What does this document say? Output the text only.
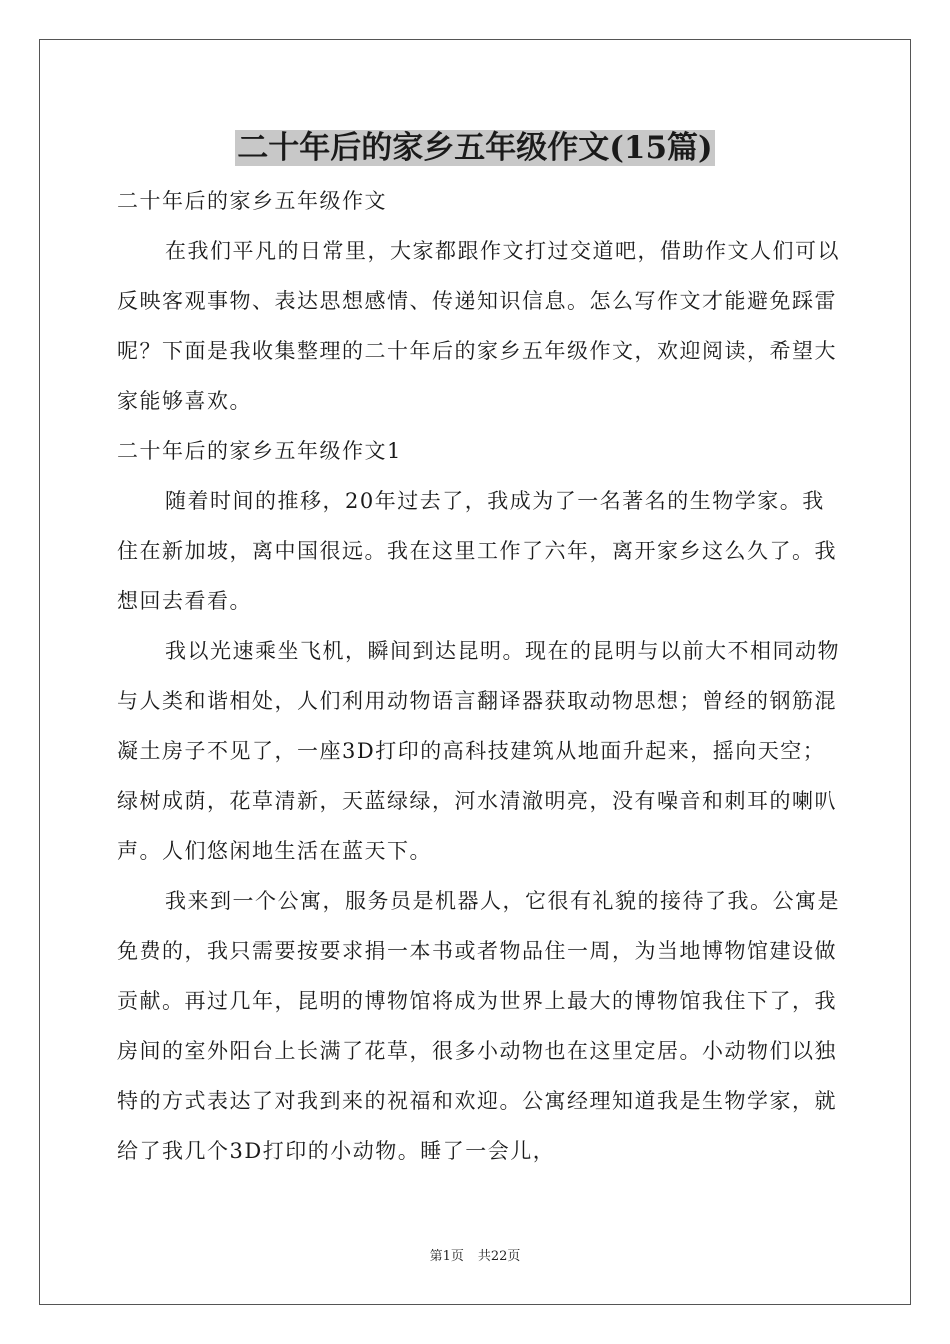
二十年后的家乡五年级作文(15篇)

二十年后的家乡五年级作文

在我们平凡的日常里，大家都跟作文打过交道吧，借助作文人们可以反映客观事物、表达思想感情、传递知识信息。怎么写作文才能避免踩雷呢？下面是我收集整理的二十年后的家乡五年级作文，欢迎阅读，希望大家能够喜欢。

二十年后的家乡五年级作文1

随着时间的推移，20年过去了，我成为了一名著名的生物学家。我住在新加坡，离中国很远。我在这里工作了六年，离开家乡这么久了。我想回去看看。

我以光速乘坐飞机，瞬间到达昆明。现在的昆明与以前大不相同动物与人类和谐相处，人们利用动物语言翻译器获取动物思想；曾经的钢筋混凝土房子不见了，一座3D打印的高科技建筑从地面升起来，摇向天空；绿树成荫，花草清新，天蓝绿绿，河水清澈明亮，没有噪音和刺耳的喇叭声。人们悠闲地生活在蓝天下。

我来到一个公寓，服务员是机器人，它很有礼貌的接待了我。公寓是免费的，我只需要按要求捐一本书或者物品住一周，为当地博物馆建设做贡献。再过几年，昆明的博物馆将成为世界上最大的博物馆我住下了，我房间的室外阳台上长满了花草，很多小动物也在这里定居。小动物们以独特的方式表达了对我到来的祝福和欢迎。公寓经理知道我是生物学家，就给了我几个3D打印的小动物。睡了一会儿，

第1页 共22页
